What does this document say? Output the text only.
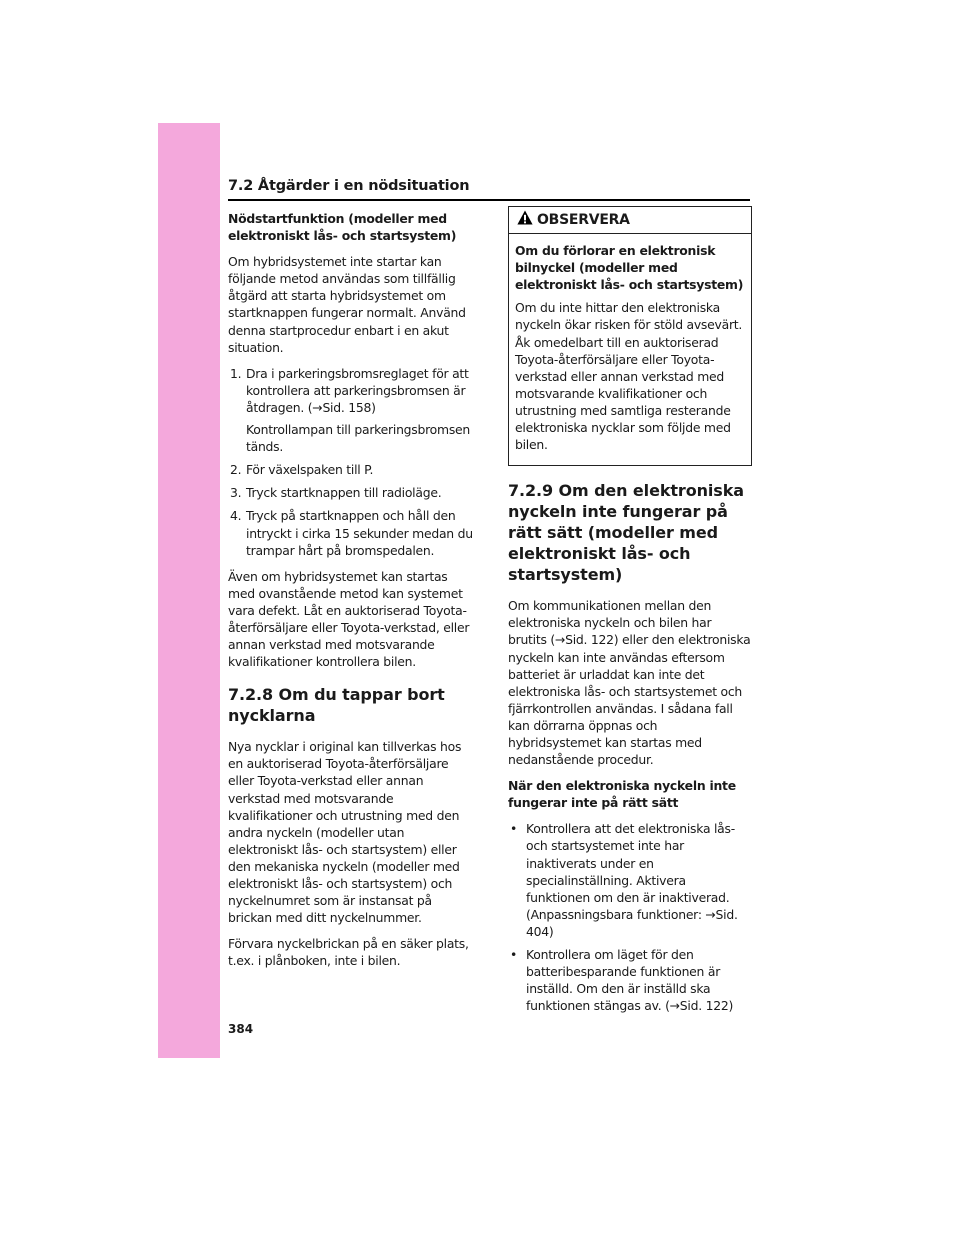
7.2 Åtgärder i en nödsituation

Nödstartfunktion (modeller med elektroniskt lås- och startsystem)

Om hybridsystemet inte startar kan följande metod användas som tillfällig åtgärd att starta hybridsystemet om startknappen fungerar normalt. Använd denna startprocedur enbart i en akut situation.

1. Dra i parkeringsbromsreglaget för att kontrollera att parkeringsbromsen är åtdragen. (→Sid. 158)
Kontrollampan till parkeringsbromsen tänds.
2. För växelspaken till P.
3. Tryck startknappen till radioläge.
4. Tryck på startknappen och håll den intryckt i cirka 15 sekunder medan du trampar hårt på bromspedalen.

Även om hybridsystemet kan startas med ovanstående metod kan systemet vara defekt. Låt en auktoriserad Toyota-återförsäljare eller Toyota-verkstad, eller annan verkstad med motsvarande kvalifikationer kontrollera bilen.

7.2.8 Om du tappar bort nycklarna

Nya nycklar i original kan tillverkas hos en auktoriserad Toyota-återförsäljare eller Toyota-verkstad eller annan verkstad med motsvarande kvalifikationer och utrustning med den andra nyckeln (modeller utan elektroniskt lås- och startsystem) eller den mekaniska nyckeln (modeller med elektroniskt lås- och startsystem) och nyckelnumret som är instansat på brickan med ditt nyckelnummer.

Förvara nyckelbrickan på en säker plats, t.ex. i plånboken, inte i bilen.

OBSERVERA

Om du förlorar en elektronisk bilnyckel (modeller med elektroniskt lås- och startsystem)

Om du inte hittar den elektroniska nyckeln ökar risken för stöld avsevärt. Åk omedelbart till en auktoriserad Toyota-återförsäljare eller Toyota-verkstad eller annan verkstad med motsvarande kvalifikationer och utrustning med samtliga resterande elektroniska nycklar som följde med bilen.

7.2.9 Om den elektroniska nyckeln inte fungerar på rätt sätt (modeller med elektroniskt lås- och startsystem)

Om kommunikationen mellan den elektroniska nyckeln och bilen har brutits (→Sid. 122) eller den elektroniska nyckeln kan inte användas eftersom batteriet är urladdat kan inte det elektroniska lås- och startsystemet och fjärrkontrollen användas. I sådana fall kan dörrarna öppnas och hybridsystemet kan startas med nedanstående procedur.

När den elektroniska nyckeln inte fungerar inte på rätt sätt

• Kontrollera att det elektroniska lås- och startsystemet inte har inaktiverats under en specialinställning. Aktivera funktionen om den är inaktiverad. (Anpassningsbara funktioner: →Sid. 404)
• Kontrollera om läget för den batteribesparande funktionen är inställd. Om den är inställd ska funktionen stängas av. (→Sid. 122)
384
